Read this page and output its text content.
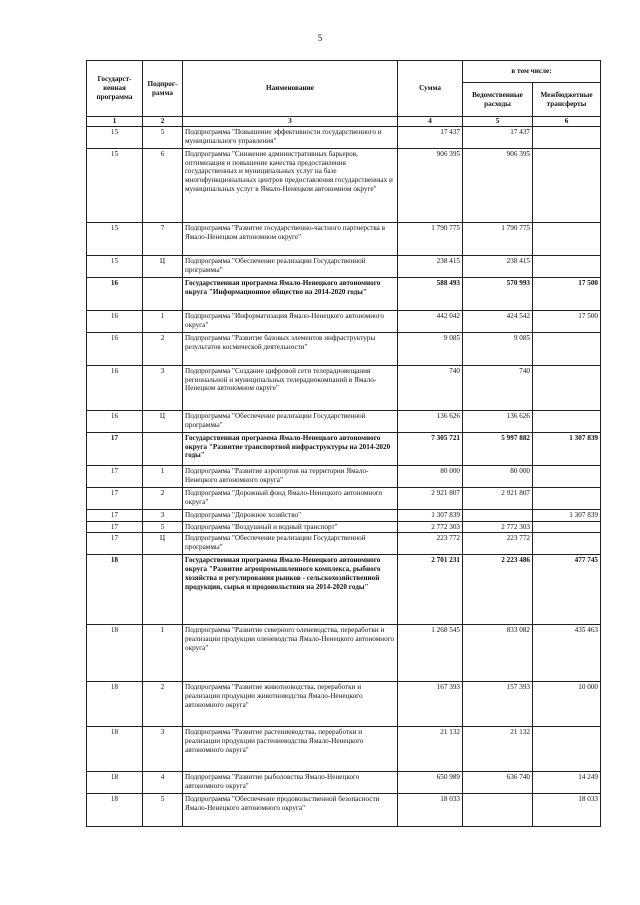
5
Государст-венная программа	Подпрог-рамма	Наименование	Сумма	в том числе:	
				Ведомственные расходы	Межбюджетные трансферты
1	2	3	4	5	6
15	5	Подпрограмма "Повышение эффективности государственного и муниципального управления"	17 437	17 437	
15	6	Подпрограмма "Снижение административных барьеров, оптимизация и повышение качества предоставления государственных и муниципальных услуг на базе многофункциональных центров предоставления государственных и муниципальных услуг в Ямало-Ненецком автономном округе"	906 395	906 395	
15	7	Подпрограмма "Развитие государственно-частного партнерства в Ямало-Ненецком автономном округе"	1 790 775	1 790 775	
15	Ц	Подпрограмма "Обеспечение реализации Государственной программы"	238 415	238 415	
16		Государственная программа Ямало-Ненецкого автономного округа "Информационное общество на 2014-2020 годы"	588 493	570 993	17 500
16	1	Подпрограмма "Информатизация Ямало-Ненецкого автономного округа"	442 042	424 542	17 500
16	2	Подпрограмма "Развитие базовых элементов инфраструктуры результатов космической деятельности"	9 085	9 085	
16	3	Подпрограмма "Создание цифровой сети телерадиовещания региональной и муниципальных телерадиокомпаний в Ямало-Ненецком автономном округе"	740	740	
16	Ц	Подпрограмма "Обеспечение реализации Государственной программы"	136 626	136 626	
17		Государственная программа Ямало-Ненецкого автономного округа "Развитие транспортной инфраструктуры на 2014-2020 годы"	7 305 721	5 997 882	1 307 839
17	1	Подпрограмма "Развитие аэропортов на территории Ямало-Ненецкого автономного округа"	80 000	80 000	
17	2	Подпрограмма "Дорожный фонд Ямало-Ненецкого автономного округа"	2 921 807	2 921 807	
17	3	Подпрограмма "Дорожное хозяйство"	1 307 839		1 307 839
17	5	Подпрограмма "Воздушный и водный транспорт"	2 772 303	2 772 303	
17	Ц	Подпрограмма "Обеспечение реализации Государственной программы"	223 772	223 772	
18		Государственная программа Ямало-Ненецкого автономного округа "Развитие агропромышленного комплекса, рыбного хозяйства и регулирования рынков - сельскохозяйственной продукции, сырья и продовольствия на 2014-2020 годы"	2 701 231	2 223 486	477 745
18	1	Подпрограмма "Развитие северного оленеводства, переработки и реализации продукции оленеводства Ямало-Ненецкого автономного округа"	1 268 545	833 082	435 463
18	2	Подпрограмма "Развитие животноводства, переработки и реализации продукции животноводства Ямало-Ненецкого автономного округа"	167 393	157 393	10 000
18	3	Подпрограмма "Развитие растениеводства, переработки и реализации продукции растениеводства Ямало-Ненецкого автономного округа"	21 132	21 132	
18	4	Подпрограмма "Развитие рыболовства Ямало-Ненецкого автономного округа"	650 989	636 740	14 249
18	5	Подпрограмма "Обеспечение продовольственной безопасности Ямало-Ненецкого автономного округа"	18 033		18 033
